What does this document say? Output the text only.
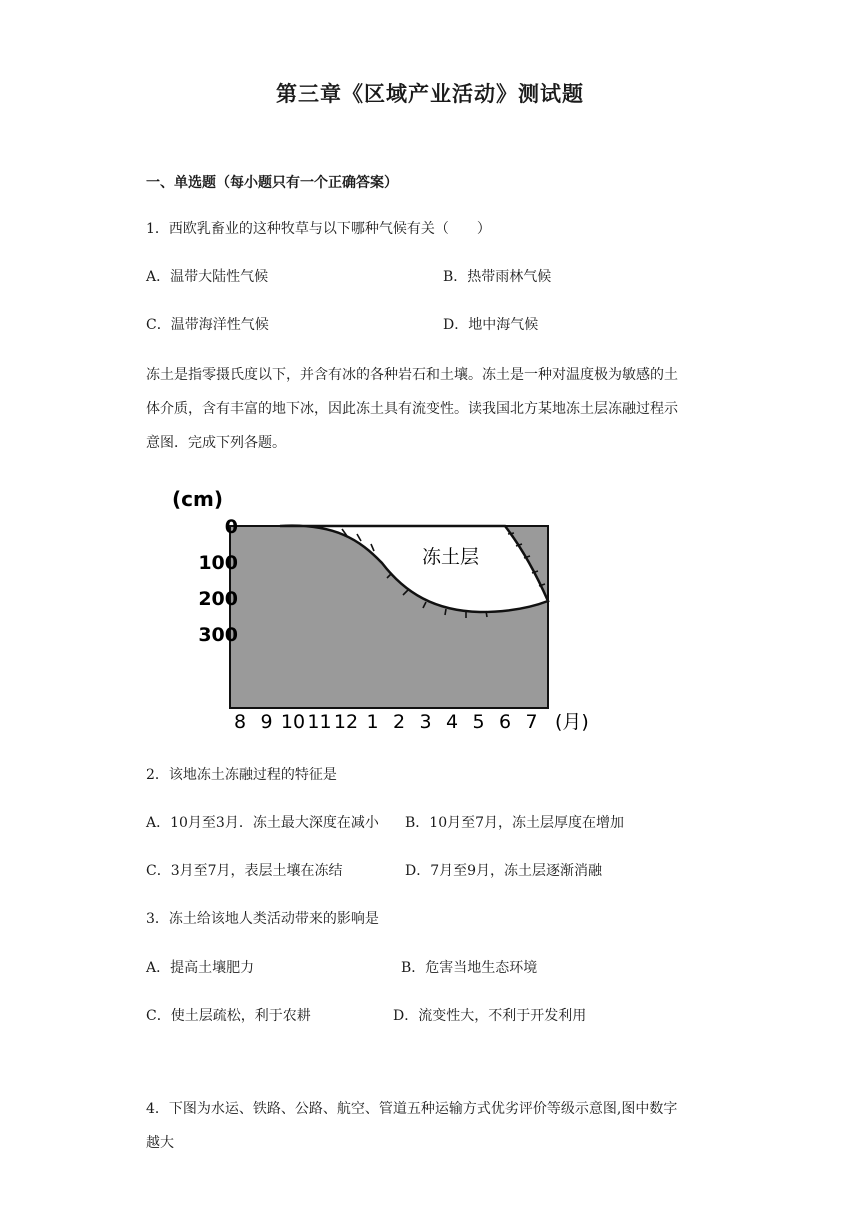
第三章《区域产业活动》测试题
一、单选题（每小题只有一个正确答案）
1．西欧乳畜业的这种牧草与以下哪种气候有关（　　）
A．温带大陆性气候	B．热带雨林气候
C．温带海洋性气候	D．地中海气候
冻土是指零摄氏度以下，并含有冰的各种岩石和土壤。冻土是一种对温度极为敏感的土
体介质，含有丰富的地下冰，因此冻土具有流变性。读我国北方某地冻土层冻融过程示
意图．完成下列各题。
(cm)
冻土层
0
100
200
300
8 9 10 11 12 1 2 3 4 5 6 7 (月)
2．该地冻土冻融过程的特征是
A．10月至3月．冻土最大深度在减小 B．10月至7月，冻土层厚度在增加
C．3月至7月，表层土壤在冻结	D．7月至9月，冻土层逐渐消融
3．冻土给该地人类活动带来的影响是
A．提高土壤肥力	B．危害当地生态环境
C．使土层疏松，利于农耕	D．流变性大，不利于开发利用
4．下图为水运、铁路、公路、航空、管道五种运输方式优劣评价等级示意图,图中数字
越大
